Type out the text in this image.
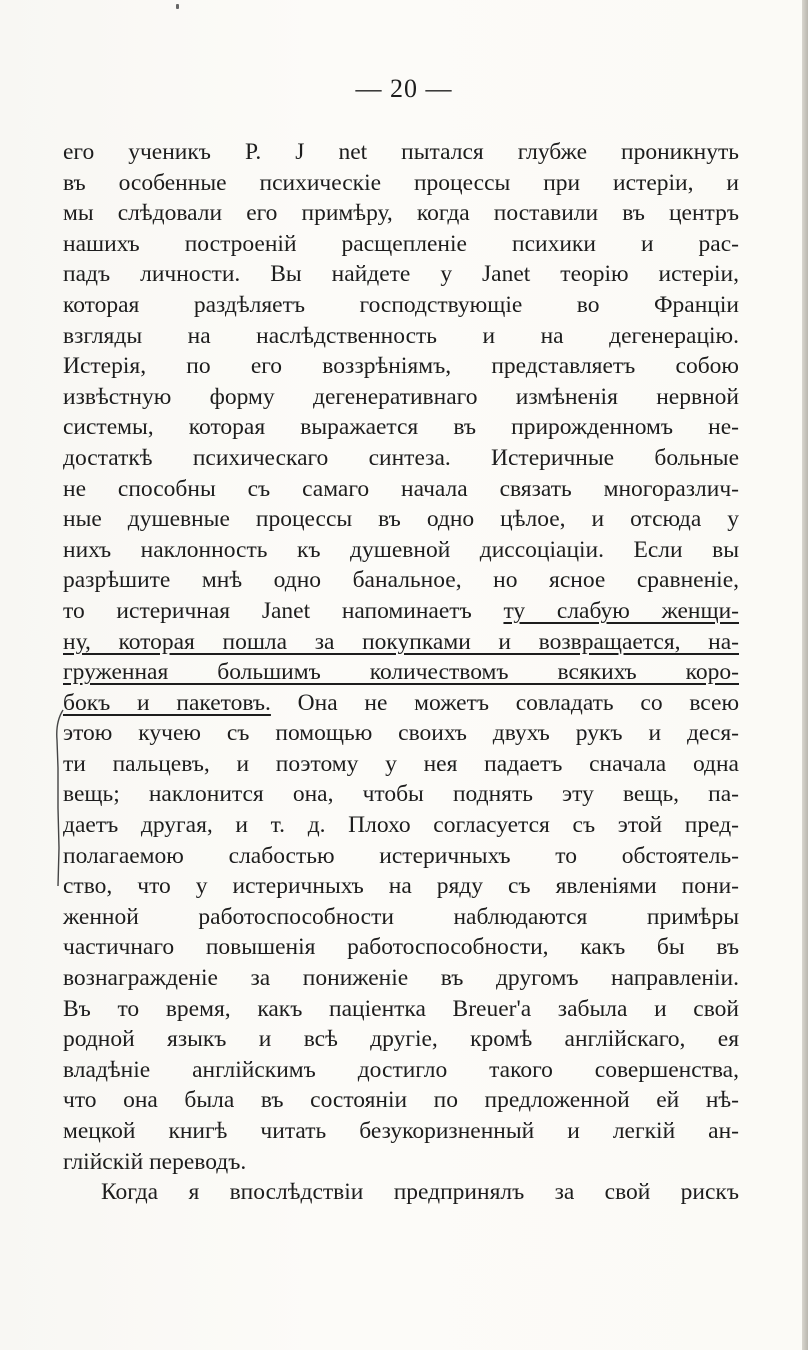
— 20 —
его ученикъ P. J net пытался глубже проникнуть
въ особенные психическіе процессы при истеріи, и
мы слѣдовали его примѣру, когда поставили въ центръ
нашихъ построеній расщепленіе психики и рас-
падъ личности. Вы найдете у Janet теорію истеріи,
которая раздѣляетъ господствующіе во Франціи
взгляды на наслѣдственность и на дегенерацію.
Истерія, по его воззрѣніямъ, представляетъ собою
извѣстную форму дегенеративнаго измѣненія нервной
системы, которая выражается въ прирожденномъ не-
достаткѣ психическаго синтеза. Истеричные больные
не способны съ самаго начала связать многоразлич-
ные душевные процессы въ одно цѣлое, и отсюда у
нихъ наклонность къ душевной диссоціаціи. Если вы
разрѣшите мнѣ одно банальное, но ясное сравненіе,
то истеричная Janet напоминаетъ ту слабую женщи-
ну, которая пошла за покупками и возвращается, на-
груженная большимъ количествомъ всякихъ коро-
бокъ и пакетовъ. Она не можетъ совладать со всею
этою кучею съ помощью своихъ двухъ рукъ и деся-
ти пальцевъ, и поэтому у нея падаетъ сначала одна
вещь; наклонится она, чтобы поднять эту вещь, па-
даетъ другая, и т. д. Плохо согласуется съ этой пред-
полагаемою слабостью истеричныхъ то обстоятель-
ство, что у истеричныхъ на ряду съ явленіями пони-
женной работоспособности наблюдаются примѣры
частичнаго повышенія работоспособности, какъ бы въ
вознагражденіе за пониженіе въ другомъ направленіи.
Въ то время, какъ паціентка Breuer'a забыла и свой
родной языкъ и всѣ другіе, кромѣ англійскаго, ея
владѣніе англійскимъ достигло такого совершенства,
что она была въ состояніи по предложенной ей нѣ-
мецкой книгѣ читать безукоризненный и легкій ан-
глійскій переводъ.
Когда я впослѣдствіи предпринялъ за свой рискъ
